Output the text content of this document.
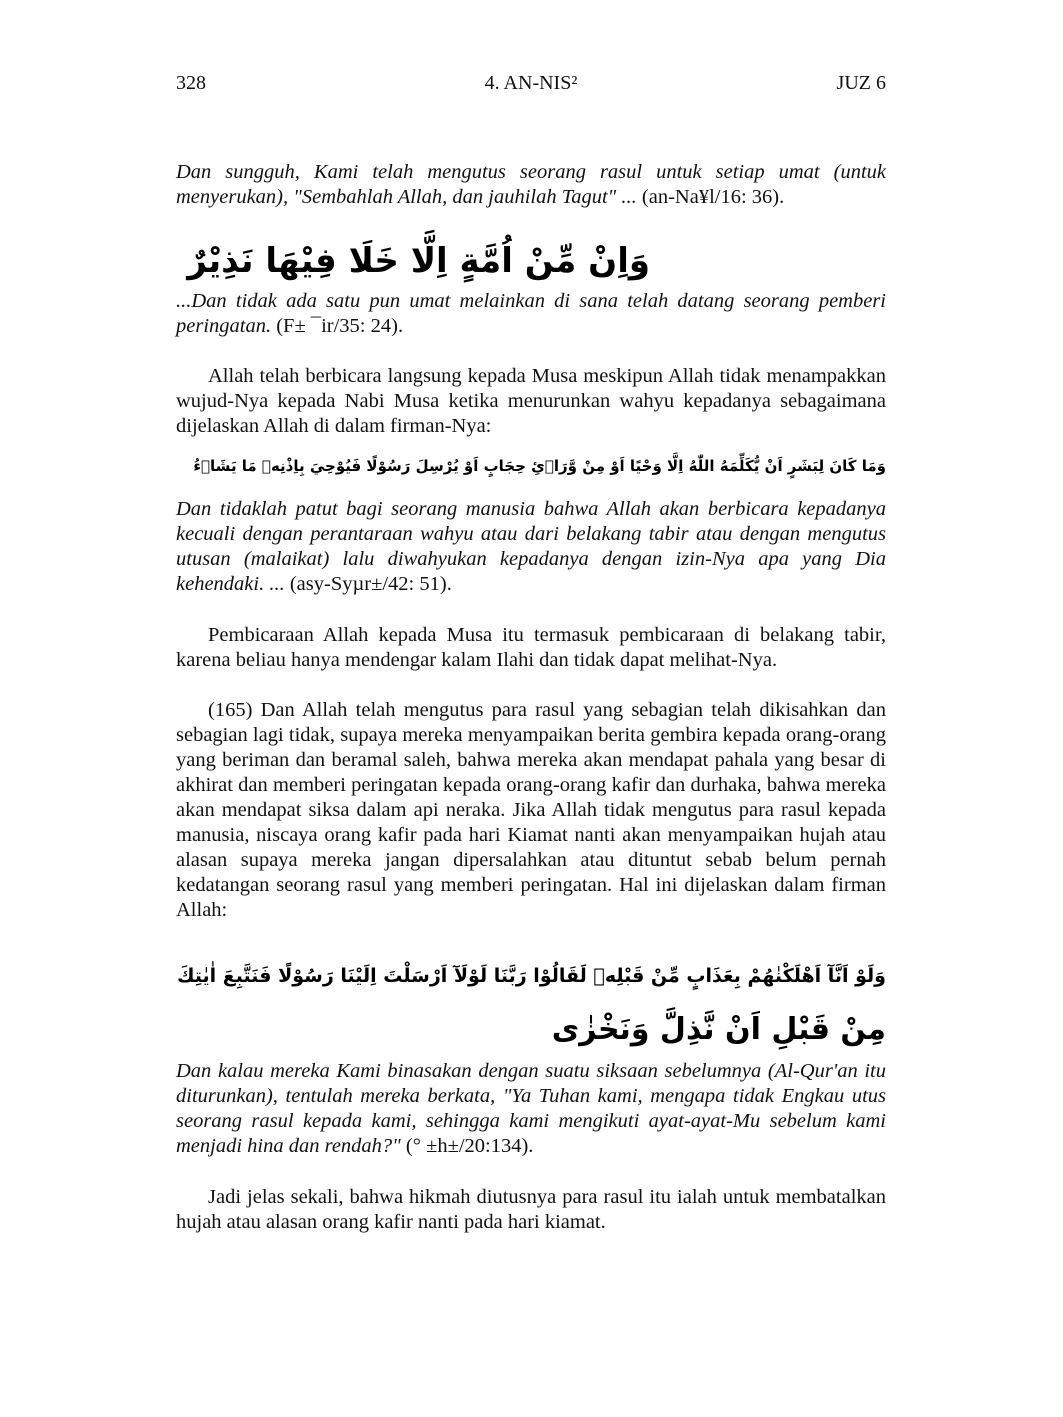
328	4. AN-NIS²	JUZ 6
Dan sungguh, Kami telah mengutus seorang rasul untuk setiap umat (untuk menyerukan), "Sembahlah Allah, dan jauhilah Tagut" ... (an-Na¥l/16: 36).
وَاِنْ مِّنْ اُمَّةٍ اِلَّا خَلَا فِيْهَا نَذِيْرٌ
...Dan tidak ada satu pun umat melainkan di sana telah datang seorang pemberi peringatan. (F± ¯ir/35: 24).
Allah telah berbicara langsung kepada Musa meskipun Allah tidak menampakkan wujud-Nya kepada Nabi Musa ketika menurunkan wahyu kepadanya sebagaimana dijelaskan Allah di dalam firman-Nya:
وَمَا كَانَ لِبَشَرٍ اَنْ يُّكَلِّمَهُ اللّٰهُ اِلَّا وَحْيًا اَوْ مِنْ وَّرَاۤئِ حِجَابٍ اَوْ يُرْسِلَ رَسُوْلًا فَيُوْحِيَ بِاِذْنِهٖ مَا يَشَاۤءُ
Dan tidaklah patut bagi seorang manusia bahwa Allah akan berbicara kepadanya kecuali dengan perantaraan wahyu atau dari belakang tabir atau dengan mengutus utusan (malaikat) lalu diwahyukan kepadanya dengan izin-Nya apa yang Dia kehendaki. ... (asy-Syµr±/42: 51).
Pembicaraan Allah kepada Musa itu termasuk pembicaraan di belakang tabir, karena beliau hanya mendengar kalam Ilahi dan tidak dapat melihat-Nya.
(165) Dan Allah telah mengutus para rasul yang sebagian telah dikisahkan dan sebagian lagi tidak, supaya mereka menyampaikan berita gembira kepada orang-orang yang beriman dan beramal saleh, bahwa mereka akan mendapat pahala yang besar di akhirat dan memberi peringatan kepada orang-orang kafir dan durhaka, bahwa mereka akan mendapat siksa dalam api neraka. Jika Allah tidak mengutus para rasul kepada manusia, niscaya orang kafir pada hari Kiamat nanti akan menyampaikan hujah atau alasan supaya mereka jangan dipersalahkan atau dituntut sebab belum pernah kedatangan seorang rasul yang memberi peringatan. Hal ini dijelaskan dalam firman Allah:
وَلَوْ اَنَّآ اَهْلَكْنٰهُمْ بِعَذَابٍ مِّنْ قَبْلِهٖ لَقَالُوْا رَبَّنَا لَوْلَآ اَرْسَلْتَ اِلَيْنَا رَسُوْلًا فَنَتَّبِعَ اٰيٰتِكَ
مِنْ قَبْلِ اَنْ نَّذِلَّ وَنَخْزٰى
Dan kalau mereka Kami binasakan dengan suatu siksaan sebelumnya (Al-Qur'an itu diturunkan), tentulah mereka berkata, "Ya Tuhan kami, mengapa tidak Engkau utus seorang rasul kepada kami, sehingga kami mengikuti ayat-ayat-Mu sebelum kami menjadi hina dan rendah?" (° ±h±/20:134).
Jadi jelas sekali, bahwa hikmah diutusnya para rasul itu ialah untuk membatalkan hujah atau alasan orang kafir nanti pada hari kiamat.
